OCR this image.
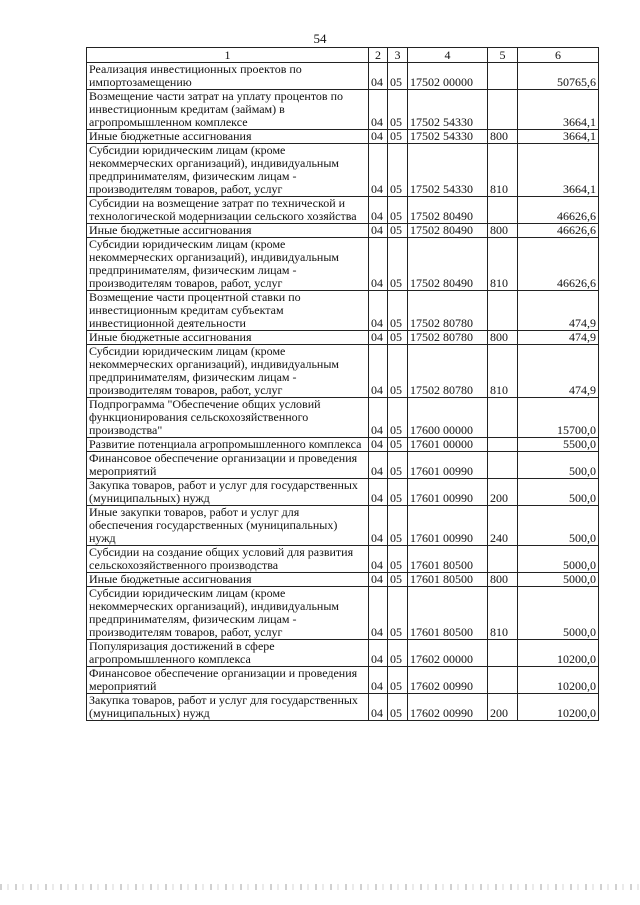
54
1	2	3	4	5	6
Реализация инвестиционных проектов по импортозамещению	04	05	17502 00000		50765,6
Возмещение части затрат на уплату процентов по инвестиционным кредитам (займам) в агропромышленном комплексе	04	05	17502 54330		3664,1
Иные бюджетные ассигнования	04	05	17502 54330	800	3664,1
Субсидии юридическим лицам (кроме некоммерческих организаций), индивидуальным предпринимателям, физическим лицам - производителям товаров, работ, услуг	04	05	17502 54330	810	3664,1
Субсидии на возмещение затрат по технической и технологической модернизации сельского хозяйства	04	05	17502 80490		46626,6
Иные бюджетные ассигнования	04	05	17502 80490	800	46626,6
Субсидии юридическим лицам (кроме некоммерческих организаций), индивидуальным предпринимателям, физическим лицам - производителям товаров, работ, услуг	04	05	17502 80490	810	46626,6
Возмещение части процентной ставки по инвестиционным кредитам субъектам инвестиционной деятельности	04	05	17502 80780		474,9
Иные бюджетные ассигнования	04	05	17502 80780	800	474,9
Субсидии юридическим лицам (кроме некоммерческих организаций), индивидуальным предпринимателям, физическим лицам - производителям товаров, работ, услуг	04	05	17502 80780	810	474,9
Подпрограмма "Обеспечение общих условий функционирования сельскохозяйственного производства"	04	05	17600 00000		15700,0
Развитие потенциала агропромышленного комплекса	04	05	17601 00000		5500,0
Финансовое обеспечение организации и проведения мероприятий	04	05	17601 00990		500,0
Закупка товаров, работ и услуг для государственных (муниципальных) нужд	04	05	17601 00990	200	500,0
Иные закупки товаров, работ и услуг для обеспечения государственных (муниципальных) нужд	04	05	17601 00990	240	500,0
Субсидии на создание общих условий для развития сельскохозяйственного производства	04	05	17601 80500		5000,0
Иные бюджетные ассигнования	04	05	17601 80500	800	5000,0
Субсидии юридическим лицам (кроме некоммерческих организаций), индивидуальным предпринимателям, физическим лицам - производителям товаров, работ, услуг	04	05	17601 80500	810	5000,0
Популяризация достижений в сфере агропромышленного комплекса	04	05	17602 00000		10200,0
Финансовое обеспечение организации и проведения мероприятий	04	05	17602 00990		10200,0
Закупка товаров, работ и услуг для государственных (муниципальных) нужд	04	05	17602 00990	200	10200,0
